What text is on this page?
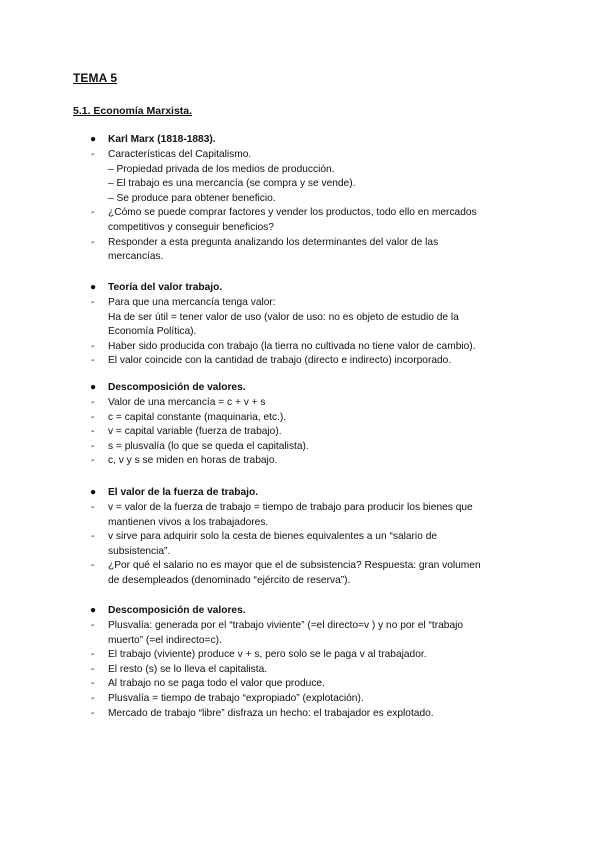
TEMA 5
5.1. Economía Marxista.
● Karl Marx (1818-1883).
- Características del Capitalismo.
– Propiedad privada de los medios de producción.
– El trabajo es una mercancía (se compra y se vende).
– Se produce para obtener beneficio.
- ¿Cómo se puede comprar factores y vender los productos, todo ello en mercados
competitivos y conseguir beneficios?
- Responder a esta pregunta analizando los determinantes del valor de las
mercancías.
● Teoría del valor trabajo.
- Para que una mercancía tenga valor:
Ha de ser útil = tener valor de uso (valor de uso: no es objeto de estudio de la
Economía Política).
- Haber sido producida con trabajo (la tierra no cultivada no tiene valor de cambio).
- El valor coincide con la cantidad de trabajo (directo e indirecto) incorporado.
● Descomposición de valores.
- Valor de una mercancía = c + v + s
- c = capital constante (maquinaria, etc.).
- v = capital variable (fuerza de trabajo).
- s = plusvalía (lo que se queda el capitalista).
- c, v y s se miden en horas de trabajo.
● El valor de la fuerza de trabajo.
- v = valor de la fuerza de trabajo = tiempo de trabajo para producir los bienes que
mantienen vivos a los trabajadores.
- v sirve para adquirir solo la cesta de bienes equivalentes a un “salario de
subsistencia”.
- ¿Por qué el salario no es mayor que el de subsistencia? Respuesta: gran volumen
de desempleados (denominado “ejército de reserva”).
● Descomposición de valores.
- Plusvalía: generada por el “trabajo viviente” (=el directo=v ) y no por el “trabajo
muerto” (=el indirecto=c).
- El trabajo (viviente) produce v + s, pero solo se le paga v al trabajador.
- El resto (s) se lo lleva el capitalista.
- Al trabajo no se paga todo el valor que produce.
- Plusvalía = tiempo de trabajo “expropiado” (explotación).
- Mercado de trabajo “libre” disfraza un hecho: el trabajador es explotado.
